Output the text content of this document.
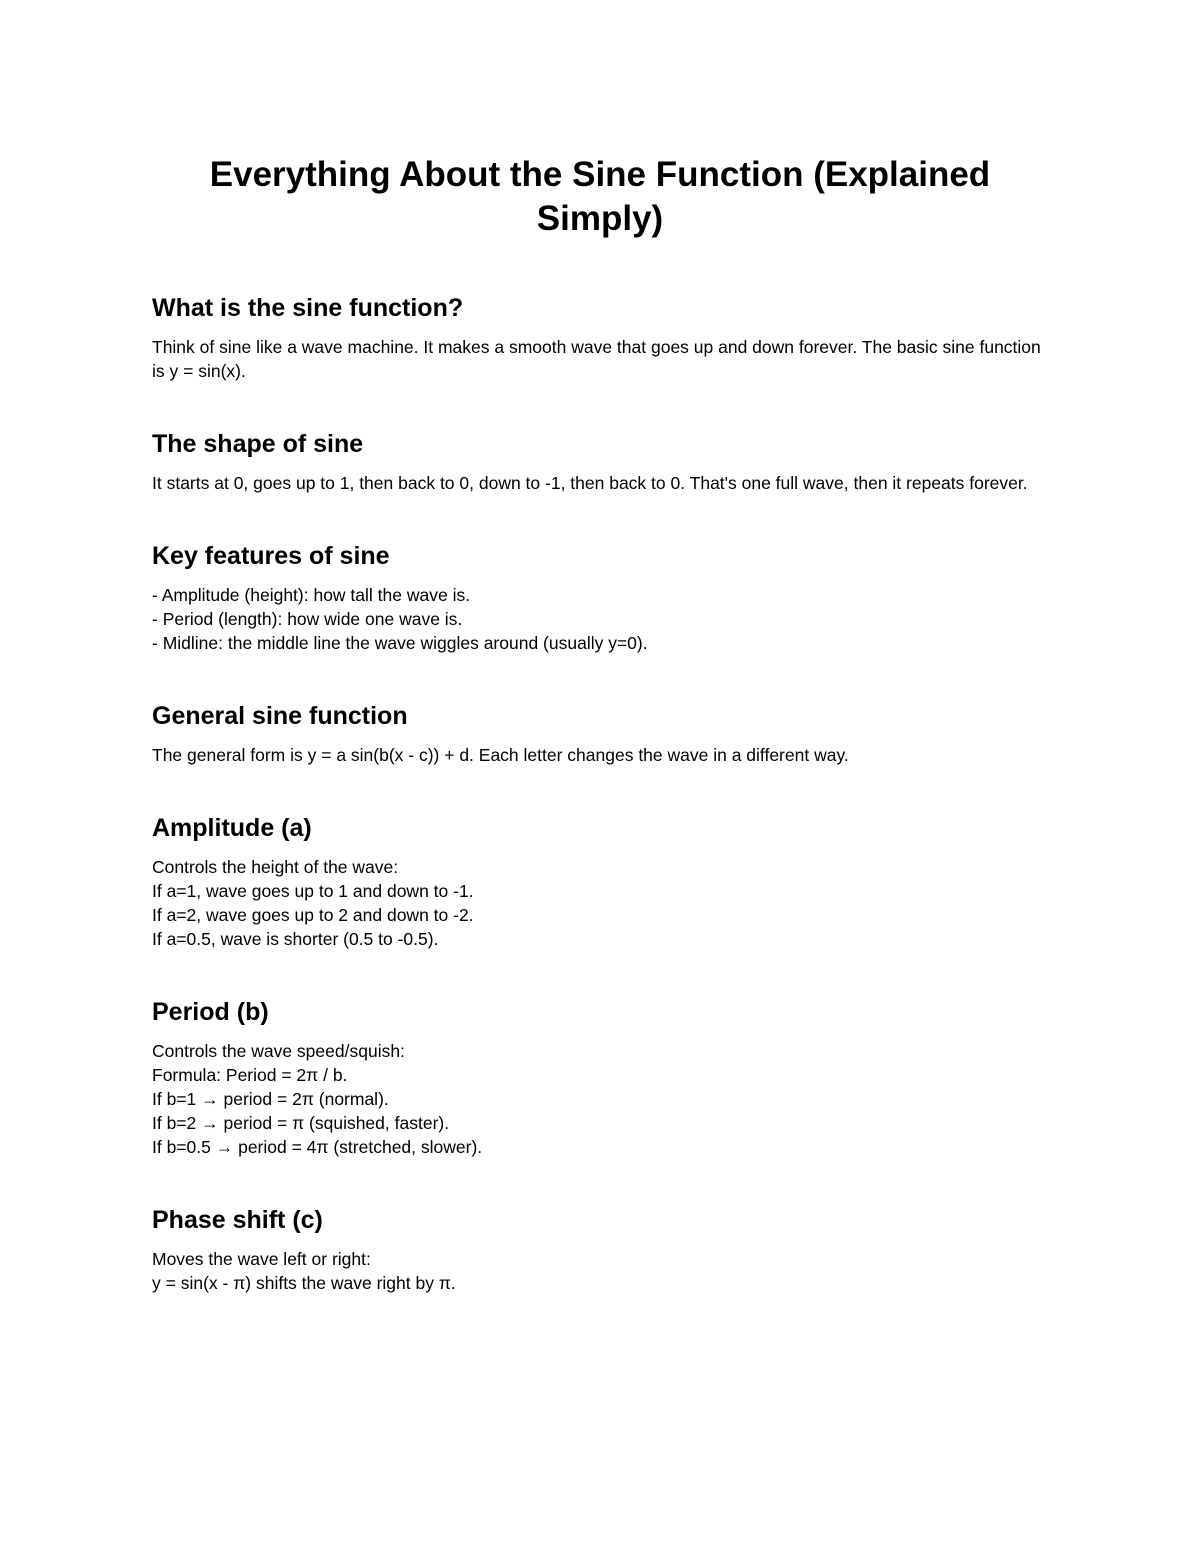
Everything About the Sine Function (Explained Simply)
What is the sine function?

Think of sine like a wave machine. It makes a smooth wave that goes up and down forever. The basic sine function is y = sin(x).

The shape of sine

It starts at 0, goes up to 1, then back to 0, down to -1, then back to 0. That's one full wave, then it repeats forever.

Key features of sine

- Amplitude (height): how tall the wave is.
- Period (length): how wide one wave is.
- Midline: the middle line the wave wiggles around (usually y=0).

General sine function

The general form is y = a sin(b(x - c)) + d. Each letter changes the wave in a different way.

Amplitude (a)

Controls the height of the wave:
If a=1, wave goes up to 1 and down to -1.
If a=2, wave goes up to 2 and down to -2.
If a=0.5, wave is shorter (0.5 to -0.5).

Period (b)

Controls the wave speed/squish:
Formula: Period = 2π / b.
If b=1 → period = 2π (normal).
If b=2 → period = π (squished, faster).
If b=0.5 → period = 4π (stretched, slower).

Phase shift (c)

Moves the wave left or right:
y = sin(x - π) shifts the wave right by π.
